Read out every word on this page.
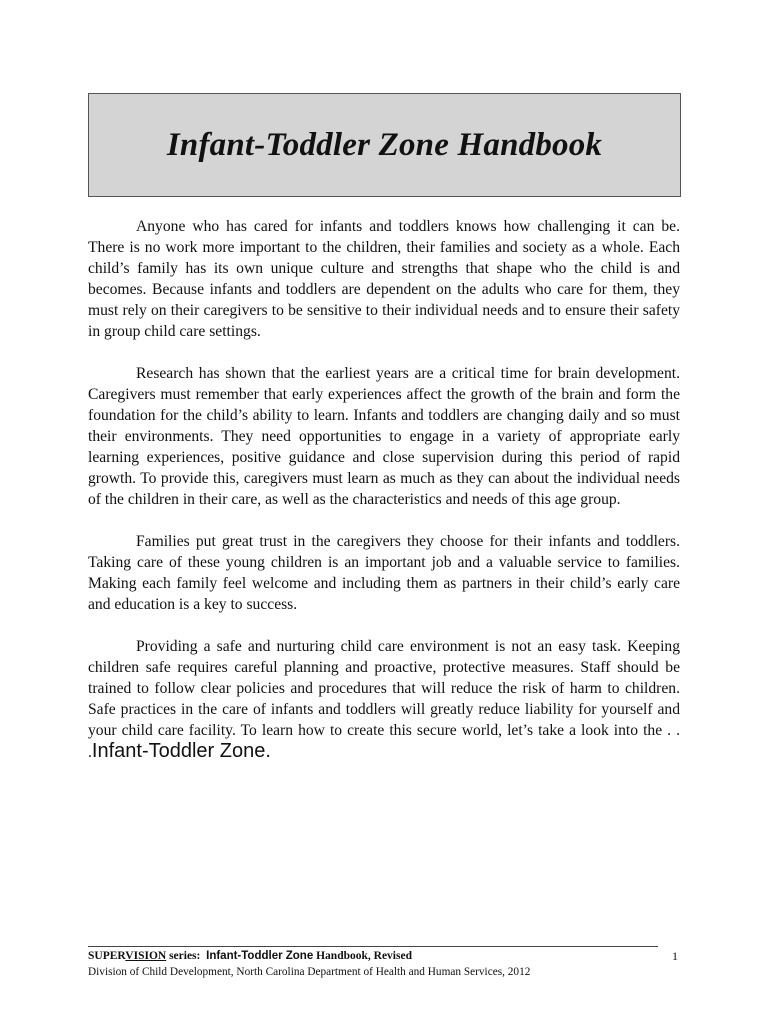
Infant-Toddler Zone Handbook

Anyone who has cared for infants and toddlers knows how challenging it can be. There is no work more important to the children, their families and society as a whole. Each child’s family has its own unique culture and strengths that shape who the child is and becomes. Because infants and toddlers are dependent on the adults who care for them, they must rely on their caregivers to be sensitive to their individual needs and to ensure their safety in group child care settings.

Research has shown that the earliest years are a critical time for brain development. Caregivers must remember that early experiences affect the growth of the brain and form the foundation for the child’s ability to learn. Infants and toddlers are changing daily and so must their environments. They need opportunities to engage in a variety of appropriate early learning experiences, positive guidance and close supervision during this period of rapid growth. To provide this, caregivers must learn as much as they can about the individual needs of the children in their care, as well as the characteristics and needs of this age group.

Families put great trust in the caregivers they choose for their infants and toddlers. Taking care of these young children is an important job and a valuable service to families. Making each family feel welcome and including them as partners in their child’s early care and education is a key to success.

Providing a safe and nurturing child care environment is not an easy task. Keeping children safe requires careful planning and proactive, protective measures. Staff should be trained to follow clear policies and procedures that will reduce the risk of harm to children. Safe practices in the care of infants and toddlers will greatly reduce liability for yourself and your child care facility. To learn how to create this secure world, let’s take a look into the . . .Infant-Toddler Zone.

SUPERVISION series:  Infant-Toddler Zone Handbook, Revised
Division of Child Development, North Carolina Department of Health and Human Services, 2012
1
